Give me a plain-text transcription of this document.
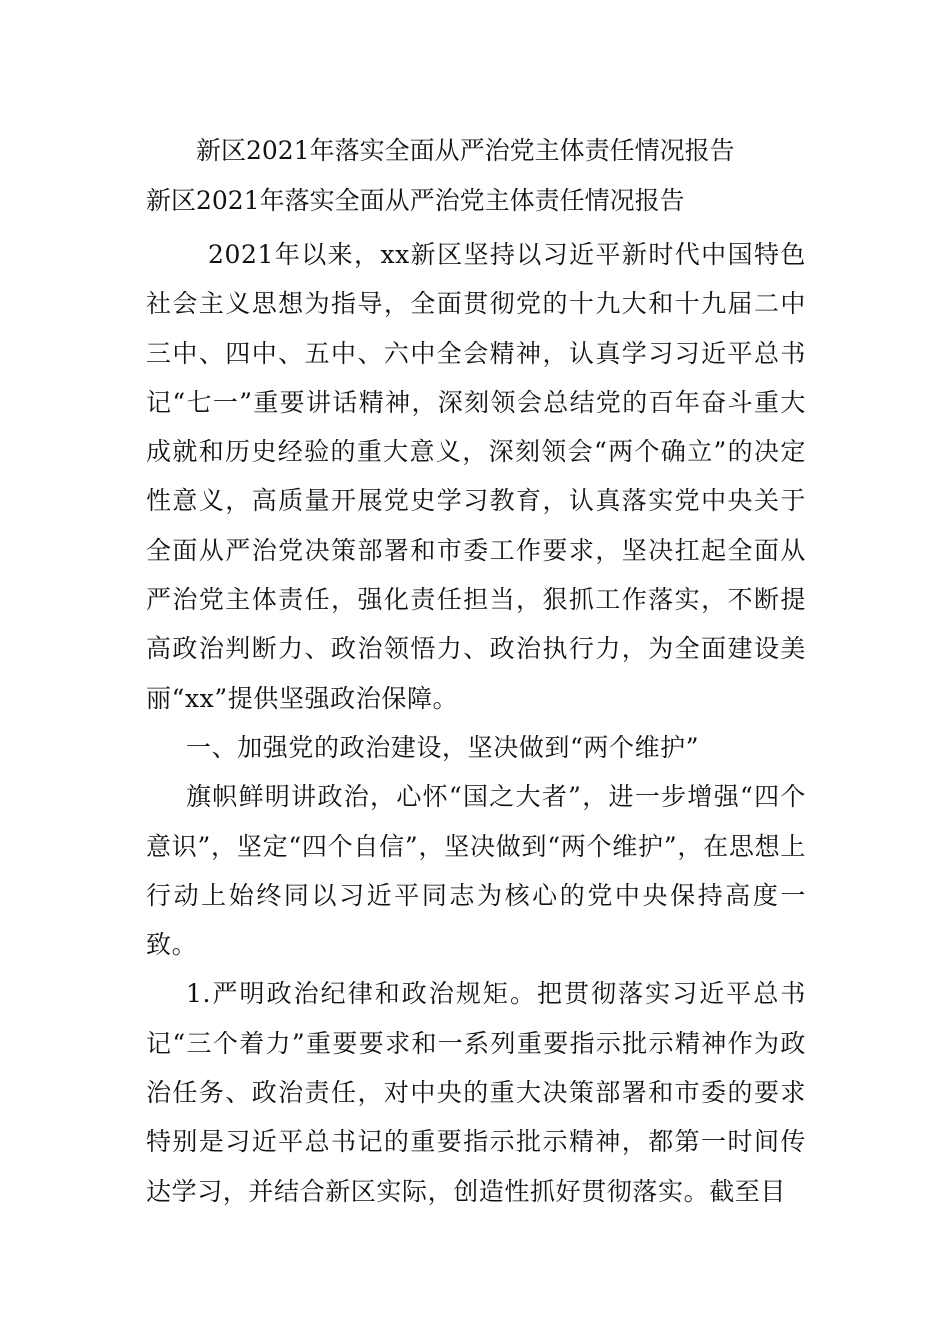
新区2021年落实全面从严治党主体责任情况报告
新区2021年落实全面从严治党主体责任情况报告

2021年以来，xx新区坚持以习近平新时代中国特色社会主义思想为指导，全面贯彻党的十九大和十九届二中三中、四中、五中、六中全会精神，认真学习习近平总书记“七一”重要讲话精神，深刻领会总结党的百年奋斗重大成就和历史经验的重大意义，深刻领会“两个确立”的决定性意义，高质量开展党史学习教育，认真落实党中央关于全面从严治党决策部署和市委工作要求，坚决扛起全面从严治党主体责任，强化责任担当，狠抓工作落实，不断提高政治判断力、政治领悟力、政治执行力，为全面建设美丽“xx”提供坚强政治保障。

一、加强党的政治建设，坚决做到“两个维护”

旗帜鲜明讲政治，心怀“国之大者”，进一步增强“四个意识”，坚定“四个自信”，坚决做到“两个维护”，在思想上行动上始终同以习近平同志为核心的党中央保持高度一致。

1.严明政治纪律和政治规矩。把贯彻落实习近平总书记“三个着力”重要要求和一系列重要指示批示精神作为政治任务、政治责任，对中央的重大决策部署和市委的要求特别是习近平总书记的重要指示批示精神，都第一时间传达学习，并结合新区实际，创造性抓好贯彻落实。截至目
